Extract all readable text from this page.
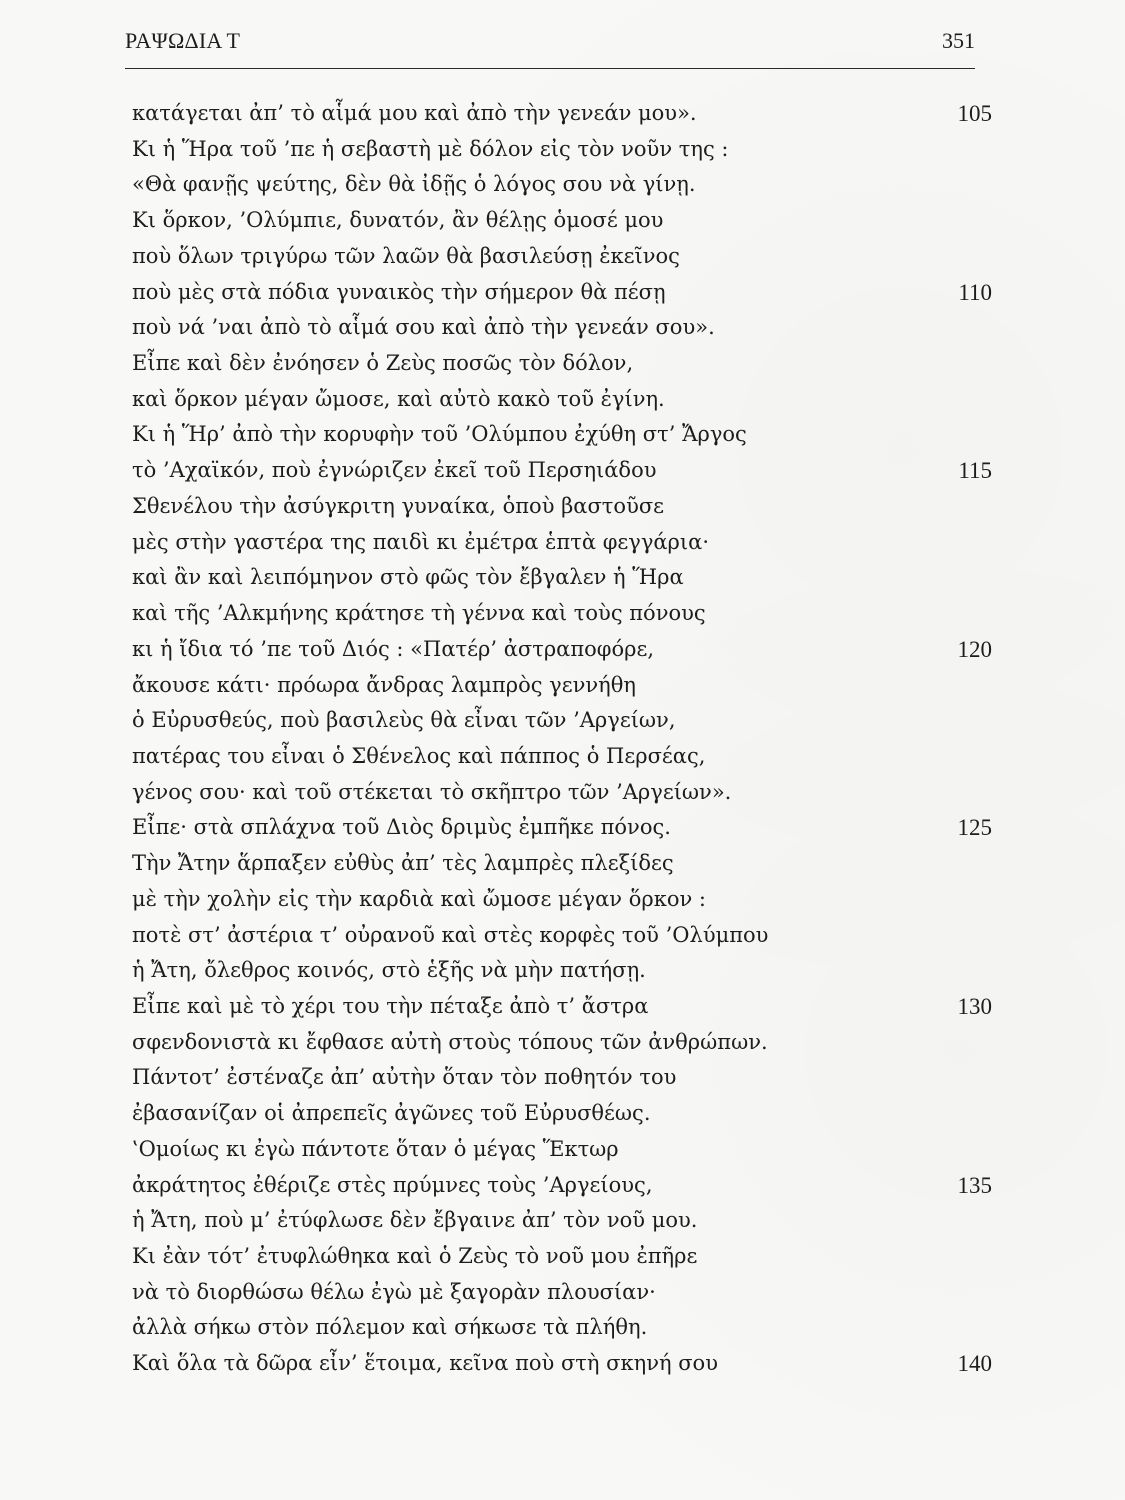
ΡΑΨΩΔΙΑ Τ	351
κατάγεται ἀπ’ τὸ αἷμά μου καὶ ἀπὸ τὴν γενεάν μου».	105
Κι ἡ Ἥρα τοῦ ’πε ἡ σεβαστὴ μὲ δόλον εἰς τὸν νοῦν της :
«Θὰ φανῇς ψεύτης, δὲν θὰ ἰδῇς ὁ λόγος σου νὰ γίνῃ.
Κι ὅρκον, ’Ολύμπιε, δυνατόν, ἂν θέλῃς ὁμοσέ μου
ποὺ ὅλων τριγύρω τῶν λαῶν θὰ βασιλεύσῃ ἐκεῖνος
ποὺ μὲς στὰ πόδια γυναικὸς τὴν σήμερον θὰ πέσῃ	110
ποὺ νά ’ναι ἀπὸ τὸ αἷμά σου καὶ ἀπὸ τὴν γενεάν σου».
Εἶπε καὶ δὲν ἐνόησεν ὁ Ζεὺς ποσῶς τὸν δόλον,
καὶ ὅρκον μέγαν ὤμοσε, καὶ αὐτὸ κακὸ τοῦ ἐγίνη.
Κι ἡ Ἥρ’ ἀπὸ τὴν κορυφὴν τοῦ ’Ολύμπου ἐχύθη στ’ Ἄργος
τὸ ’Αχαϊκόν, ποὺ ἐγνώριζεν ἐκεῖ τοῦ Περσηιάδου	115
Σθενέλου τὴν ἀσύγκριτη γυναίκα, ὁποὺ βαστοῦσε
μὲς στὴν γαστέρα της παιδὶ κι ἐμέτρα ἑπτὰ φεγγάρια·
καὶ ἂν καὶ λειπόμηνον στὸ φῶς τὸν ἔβγαλεν ἡ Ἥρα
καὶ τῆς ’Αλκμήνης κράτησε τὴ γέννα καὶ τοὺς πόνους
κι ἡ ἴδια τό ’πε τοῦ Διός : «Πατέρ’ ἀστραποφόρε,	120
ἄκουσε κάτι· πρόωρα ἄνδρας λαμπρὸς γεννήθη
ὁ Εὐρυσθεύς, ποὺ βασιλεὺς θὰ εἶναι τῶν ’Αργείων,
πατέρας του εἶναι ὁ Σθένελος καὶ πάππος ὁ Περσέας,
γένος σου· καὶ τοῦ στέκεται τὸ σκῆπτρο τῶν ’Αργείων».
Εἶπε· στὰ σπλάχνα τοῦ Διὸς δριμὺς ἐμπῆκε πόνος.	125
Τὴν Ἄτην ἅρπαξεν εὐθὺς ἀπ’ τὲς λαμπρὲς πλεξίδες
μὲ τὴν χολὴν εἰς τὴν καρδιὰ καὶ ὤμοσε μέγαν ὅρκον :
ποτὲ στ’ ἀστέρια τ’ οὐρανοῦ καὶ στὲς κορφὲς τοῦ ’Ολύμπου
ἡ Ἄτη, ὄλεθρος κοινός, στὸ ἑξῆς νὰ μὴν πατήσῃ.
Εἶπε καὶ μὲ τὸ χέρι του τὴν πέταξε ἀπὸ τ’ ἄστρα	130
σφενδονιστὰ κι ἔφθασε αὐτὴ στοὺς τόπους τῶν ἀνθρώπων.
Πάντοτ’ ἐστέναζε ἀπ’ αὐτὴν ὅταν τὸν ποθητόν του
ἐβασανίζαν οἱ ἀπρεπεῖς ἀγῶνες τοῦ Εὐρυσθέως.
‛Ομοίως κι ἐγὼ πάντοτε ὅταν ὁ μέγας Ἕκτωρ
ἀκράτητος ἐθέριζε στὲς πρύμνες τοὺς ’Αργείους,	135
ἡ Ἄτη, ποὺ μ’ ἐτύφλωσε δὲν ἔβγαινε ἀπ’ τὸν νοῦ μου.
Κι ἐὰν τότ’ ἐτυφλώθηκα καὶ ὁ Ζεὺς τὸ νοῦ μου ἐπῆρε
νὰ τὸ διορθώσω θέλω ἐγὼ μὲ ξαγορὰν πλουσίαν·
ἀλλὰ σήκω στὸν πόλεμον καὶ σήκωσε τὰ πλήθη.
Καὶ ὅλα τὰ δῶρα εἶν’ ἕτοιμα, κεῖνα ποὺ στὴ σκηνή σου	140
